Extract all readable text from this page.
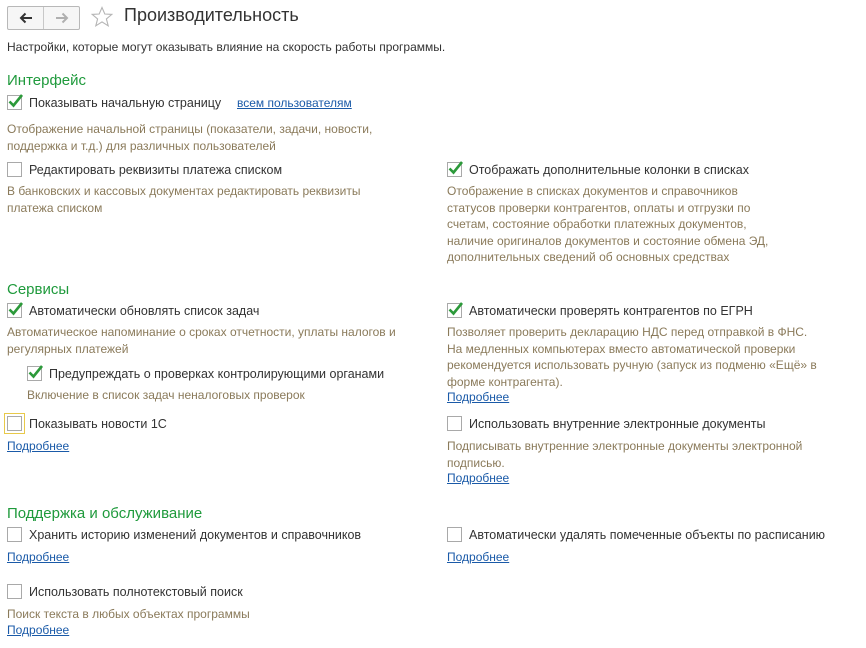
Производительность
Настройки, которые могут оказывать влияние на скорость работы программы.
Интерфейс
Показывать начальную страницу всем пользователям
Отображение начальной страницы (показатели, задачи, новости,
поддержка и т.д.) для различных пользователей
Редактировать реквизиты платежа списком
В банковских и кассовых документах редактировать реквизиты
платежа списком
Отображать дополнительные колонки в списках
Отображение в списках документов и справочников
статусов проверки контрагентов, оплаты и отгрузки по
счетам, состояние обработки платежных документов,
наличие оригиналов документов и состояние обмена ЭД,
дополнительных сведений об основных средствах
Сервисы
Автоматически обновлять список задач
Автоматическое напоминание о сроках отчетности, уплаты налогов и
регулярных платежей
Предупреждать о проверках контролирующими органами
Включение в список задач неналоговых проверок
Показывать новости 1С
Подробнее
Автоматически проверять контрагентов по ЕГРН
Позволяет проверить декларацию НДС перед отправкой в ФНС.
На медленных компьютерах вместо автоматической проверки
рекомендуется использовать ручную (запуск из подменю «Ещё» в
форме контрагента).
Подробнее
Использовать внутренние электронные документы
Подписывать внутренние электронные документы электронной
подписью.
Подробнее
Поддержка и обслуживание
Хранить историю изменений документов и справочников
Подробнее
Автоматически удалять помеченные объекты по расписанию
Подробнее
Использовать полнотекстовый поиск
Поиск текста в любых объектах программы
Подробнее
